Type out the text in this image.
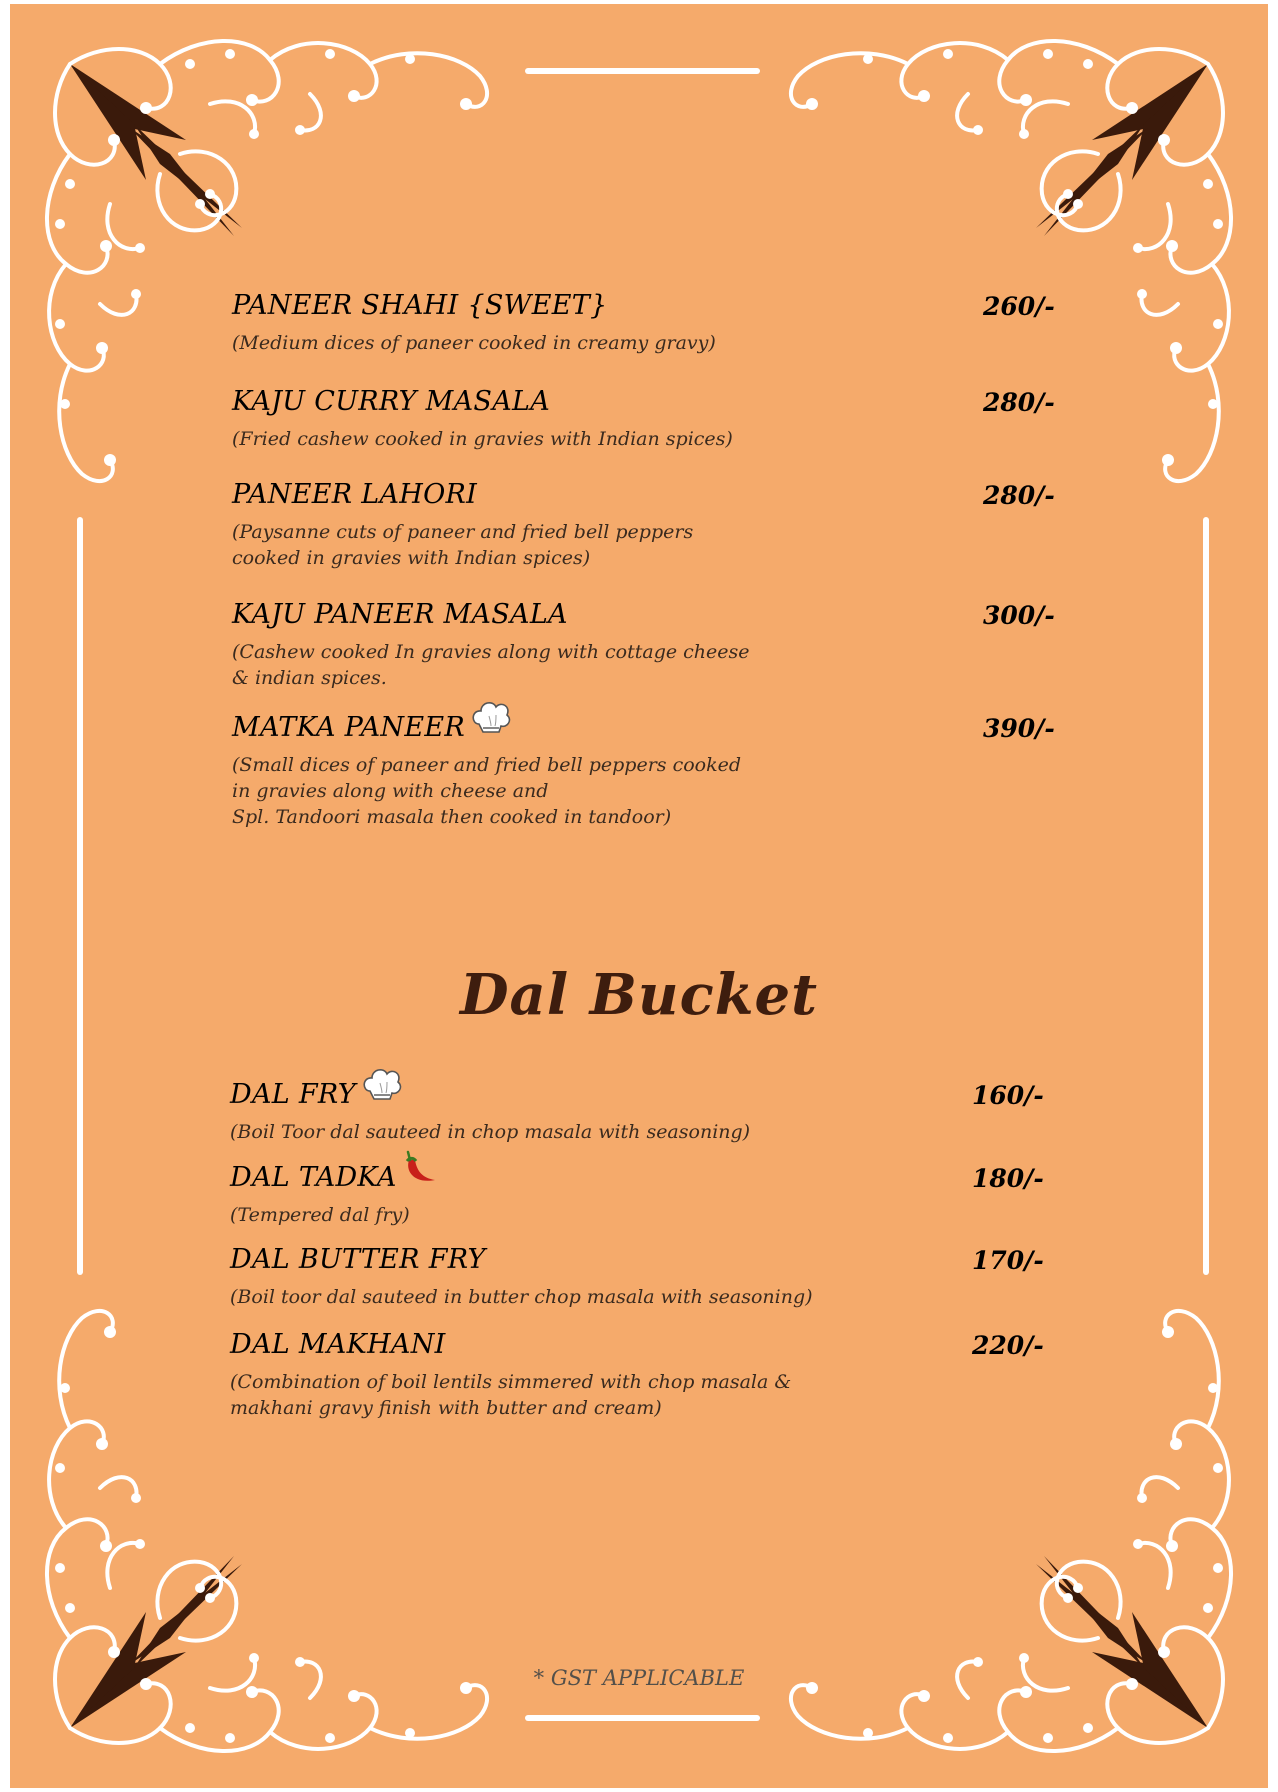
PANEER SHAHI {SWEET}	260/-
(Medium dices of paneer cooked in creamy gravy)
KAJU CURRY MASALA	280/-
(Fried cashew cooked in gravies with Indian spices)
PANEER LAHORI	280/-
(Paysanne cuts of paneer and fried bell peppers
cooked in gravies with Indian spices)
KAJU PANEER MASALA	300/-
(Cashew cooked In gravies along with cottage cheese
& indian spices.
MATKA PANEER	390/-
(Small dices of paneer and fried bell peppers cooked
in gravies along with cheese and
Spl. Tandoori masala then cooked in tandoor)
Dal Bucket
DAL FRY	160/-
(Boil Toor dal sauteed in chop masala with seasoning)
DAL TADKA	180/-
(Tempered dal fry)
DAL BUTTER FRY	170/-
(Boil toor dal sauteed in butter chop masala with seasoning)
DAL MAKHANI	220/-
(Combination of boil lentils simmered with chop masala &
makhani gravy finish with butter and cream)
* GST APPLICABLE
